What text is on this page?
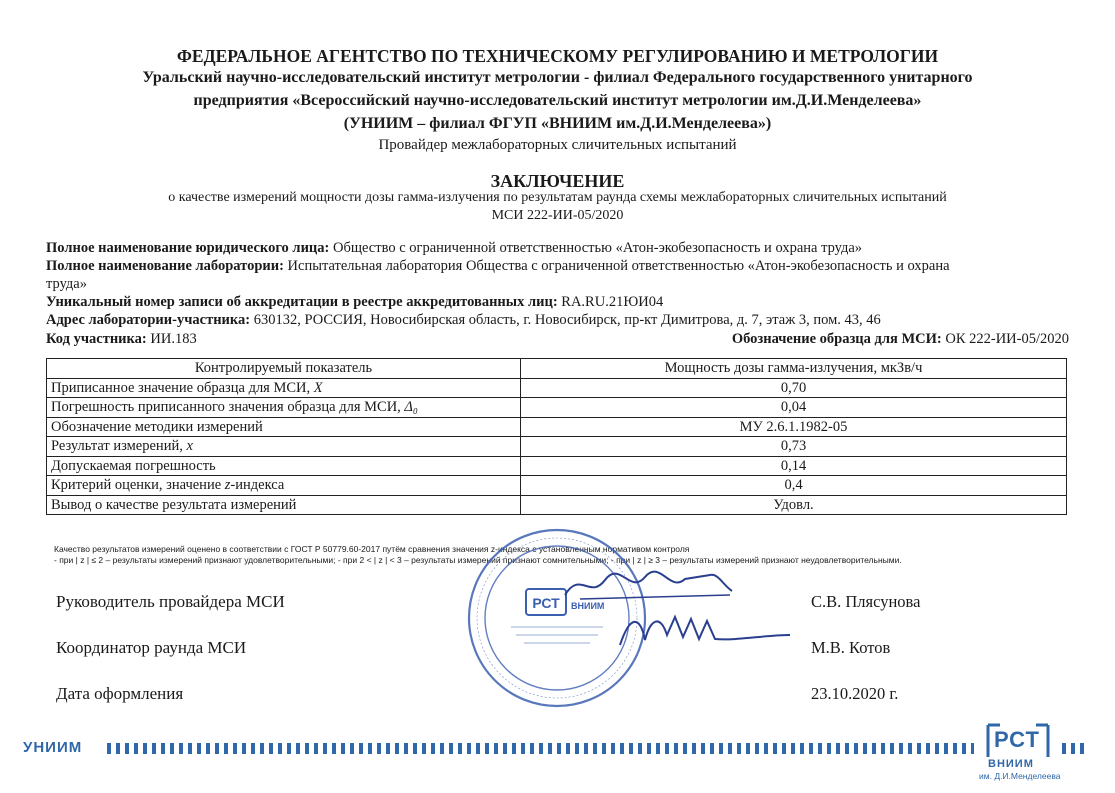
ФЕДЕРАЛЬНОЕ АГЕНТСТВО ПО ТЕХНИЧЕСКОМУ РЕГУЛИРОВАНИЮ И МЕТРОЛОГИИ
Уральский научно-исследовательский институт метрологии - филиал Федерального государственного унитарного
предприятия «Всероссийский научно-исследовательский институт метрологии им.Д.И.Менделеева»
(УНИИМ – филиал ФГУП «ВНИИМ им.Д.И.Менделеева»)
Провайдер межлабораторных сличительных испытаний
ЗАКЛЮЧЕНИЕ
о качестве измерений мощности дозы гамма-излучения по результатам раунда схемы межлабораторных сличительных испытаний
МСИ 222-ИИ-05/2020
Полное наименование юридического лица: Общество с ограниченной ответственностью «Атон-экобезопасность и охрана труда»
Полное наименование лаборатории: Испытательная лаборатория Общества с ограниченной ответственностью «Атон-экобезопасность и охрана
труда»
Уникальный номер записи об аккредитации в реестре аккредитованных лиц: RA.RU.21ЮИ04
Адрес лаборатории-участника: 630132, РОССИЯ, Новосибирская область, г. Новосибирск, пр-кт Димитрова, д. 7, этаж 3, пом. 43, 46
Код участника: ИИ.183	Обозначение образца для МСИ: ОК 222-ИИ-05/2020
Контролируемый показатель	Мощность дозы гамма-излучения, мкЗв/ч
Приписанное значение образца для МСИ, X	0,70
Погрешность приписанного значения образца для МСИ, Δ₀	0,04
Обозначение методики измерений	МУ 2.6.1.1982-05
Результат измерений, x	0,73
Допускаемая погрешность	0,14
Критерий оценки, значение z-индекса	0,4
Вывод о качестве результата измерений	Удовл.
Качество результатов измерений оценено в соответствии с ГОСТ Р 50779.60-2017 путём сравнения значения z-индекса с установленным нормативом контроля
- при | z | ≤ 2 – результаты измерений признают удовлетворительными; - при 2 < | z | < 3 – результаты измерений признают сомнительными; - при | z | ≥ 3 – результаты измерений признают неудовлетворительными.
РСТ ВНИИМ
Руководитель провайдера МСИ	С.В. Плясунова
Координатор раунда МСИ	М.В. Котов
Дата оформления	23.10.2020 г.
УНИИМ	РСТ
ВНИИМ
им. Д.И.Менделеева
